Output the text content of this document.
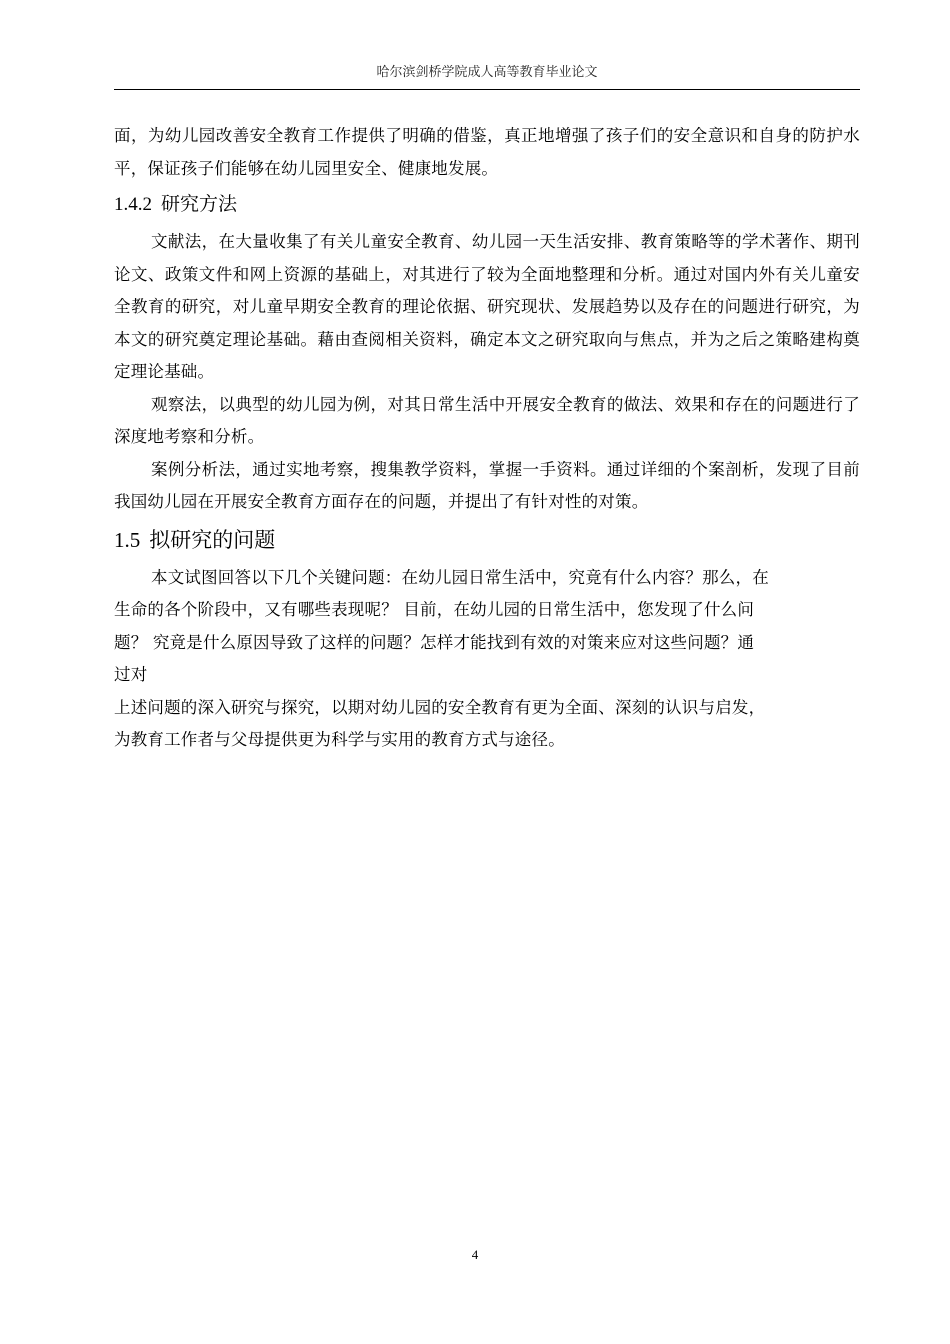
哈尔滨剑桥学院成人高等教育毕业论文

面，为幼儿园改善安全教育工作提供了明确的借鉴，真正地增强了孩子们的安全意识和自身的防护水平，保证孩子们能够在幼儿园里安全、健康地发展。

1.4.2 研究方法

文献法，在大量收集了有关儿童安全教育、幼儿园一天生活安排、教育策略等的学术著作、期刊论文、政策文件和网上资源的基础上，对其进行了较为全面地整理和分析。通过对国内外有关儿童安全教育的研究，对儿童早期安全教育的理论依据、研究现状、发展趋势以及存在的问题进行研究，为本文的研究奠定理论基础。藉由查阅相关资料，确定本文之研究取向与焦点，并为之后之策略建构奠定理论基础。

观察法，以典型的幼儿园为例，对其日常生活中开展安全教育的做法、效果和存在的问题进行了深度地考察和分析。

案例分析法，通过实地考察，搜集教学资料，掌握一手资料。通过详细的个案剖析，发现了目前我国幼儿园在开展安全教育方面存在的问题，并提出了有针对性的对策。

1.5 拟研究的问题
本文试图回答以下几个关键问题：在幼儿园日常生活中，究竟有什么内容？那么，在
生命的各个阶段中，又有哪些表现呢？ 目前，在幼儿园的日常生活中，您发现了什么问
题？ 究竟是什么原因导致了这样的问题？怎样才能找到有效的对策来应对这些问题？通
过对
上述问题的深入研究与探究，以期对幼儿园的安全教育有更为全面、深刻的认识与启发，
为教育工作者与父母提供更为科学与实用的教育方式与途径。
4
